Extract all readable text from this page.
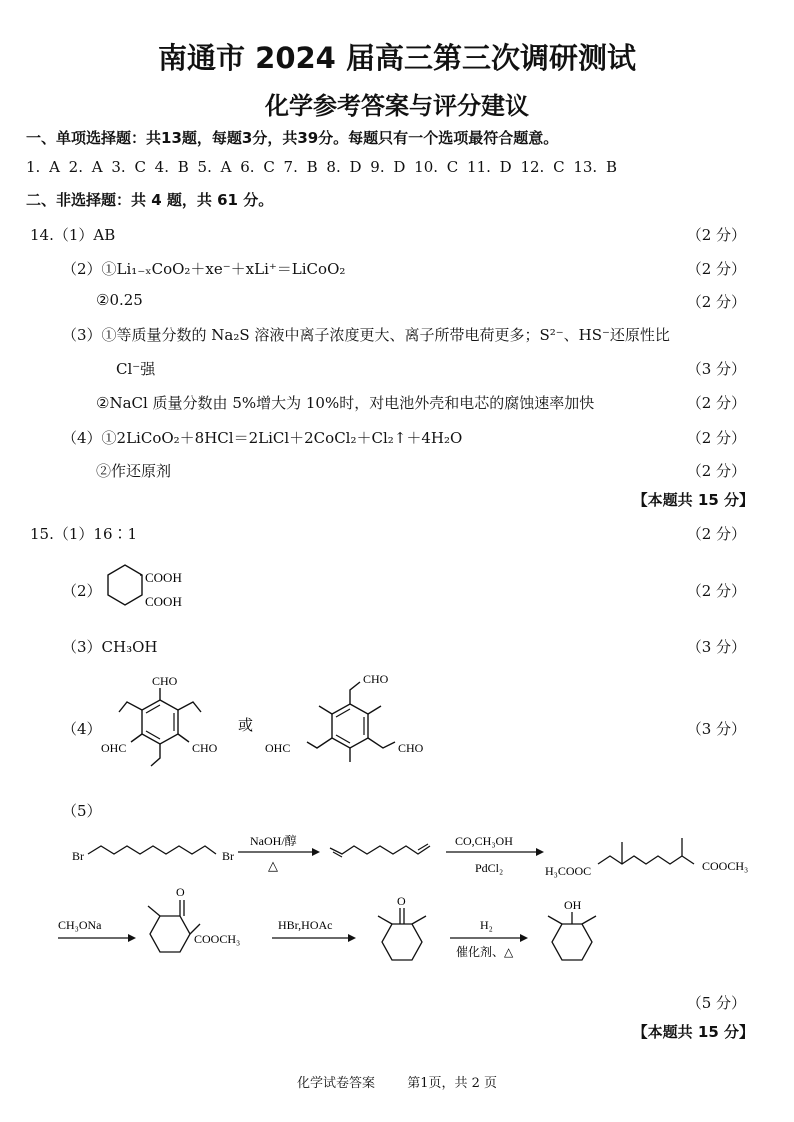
南通市 2024 届高三第三次调研测试
化学参考答案与评分建议
一、单项选择题：共13题，每题3分，共39分。每题只有一个选项最符合题意。
1. A 2. A 3. C 4. B 5. A 6. C 7. B 8. D 9. D 10. C 11. D 12. C 13. B
二、非选择题：共 4 题，共 61 分。
14.（1）AB	（2 分）
（2）①Li₁₋ₓCoO₂＋xe⁻＋xLi⁺＝LiCoO₂	（2 分）
②0.25	（2 分）
（3）①等质量分数的 Na₂S 溶液中离子浓度更大、离子所带电荷更多；S²⁻、HS⁻还原性比
Cl⁻强	（3 分）
②NaCl 质量分数由 5%增大为 10%时，对电池外壳和电芯的腐蚀速率加快	（2 分）
（4）①2LiCoO₂＋8HCl＝2LiCl＋2CoCl₂＋Cl₂↑＋4H₂O	（2 分）
②作还原剂	（2 分）
【本题共 15 分】
15.（1）16∶1	（2 分）
（2）
COOH
COOH
（2 分）
（3）CH₃OH	（3 分）
（4）
CHO
OHC	CHO
或
CHO
OHC	CHO
（3 分）
（5）
Br	Br
NaOH/醇
△
CO,CH₃OH
PdCl₂	H₃COOC	COOCH₃
CH₃ONa
O
COOCH₃
HBr,HOAc
O
H₂
催化剂、△
OH
（5 分）
【本题共 15 分】
化学试卷答案 第1页，共 2 页
